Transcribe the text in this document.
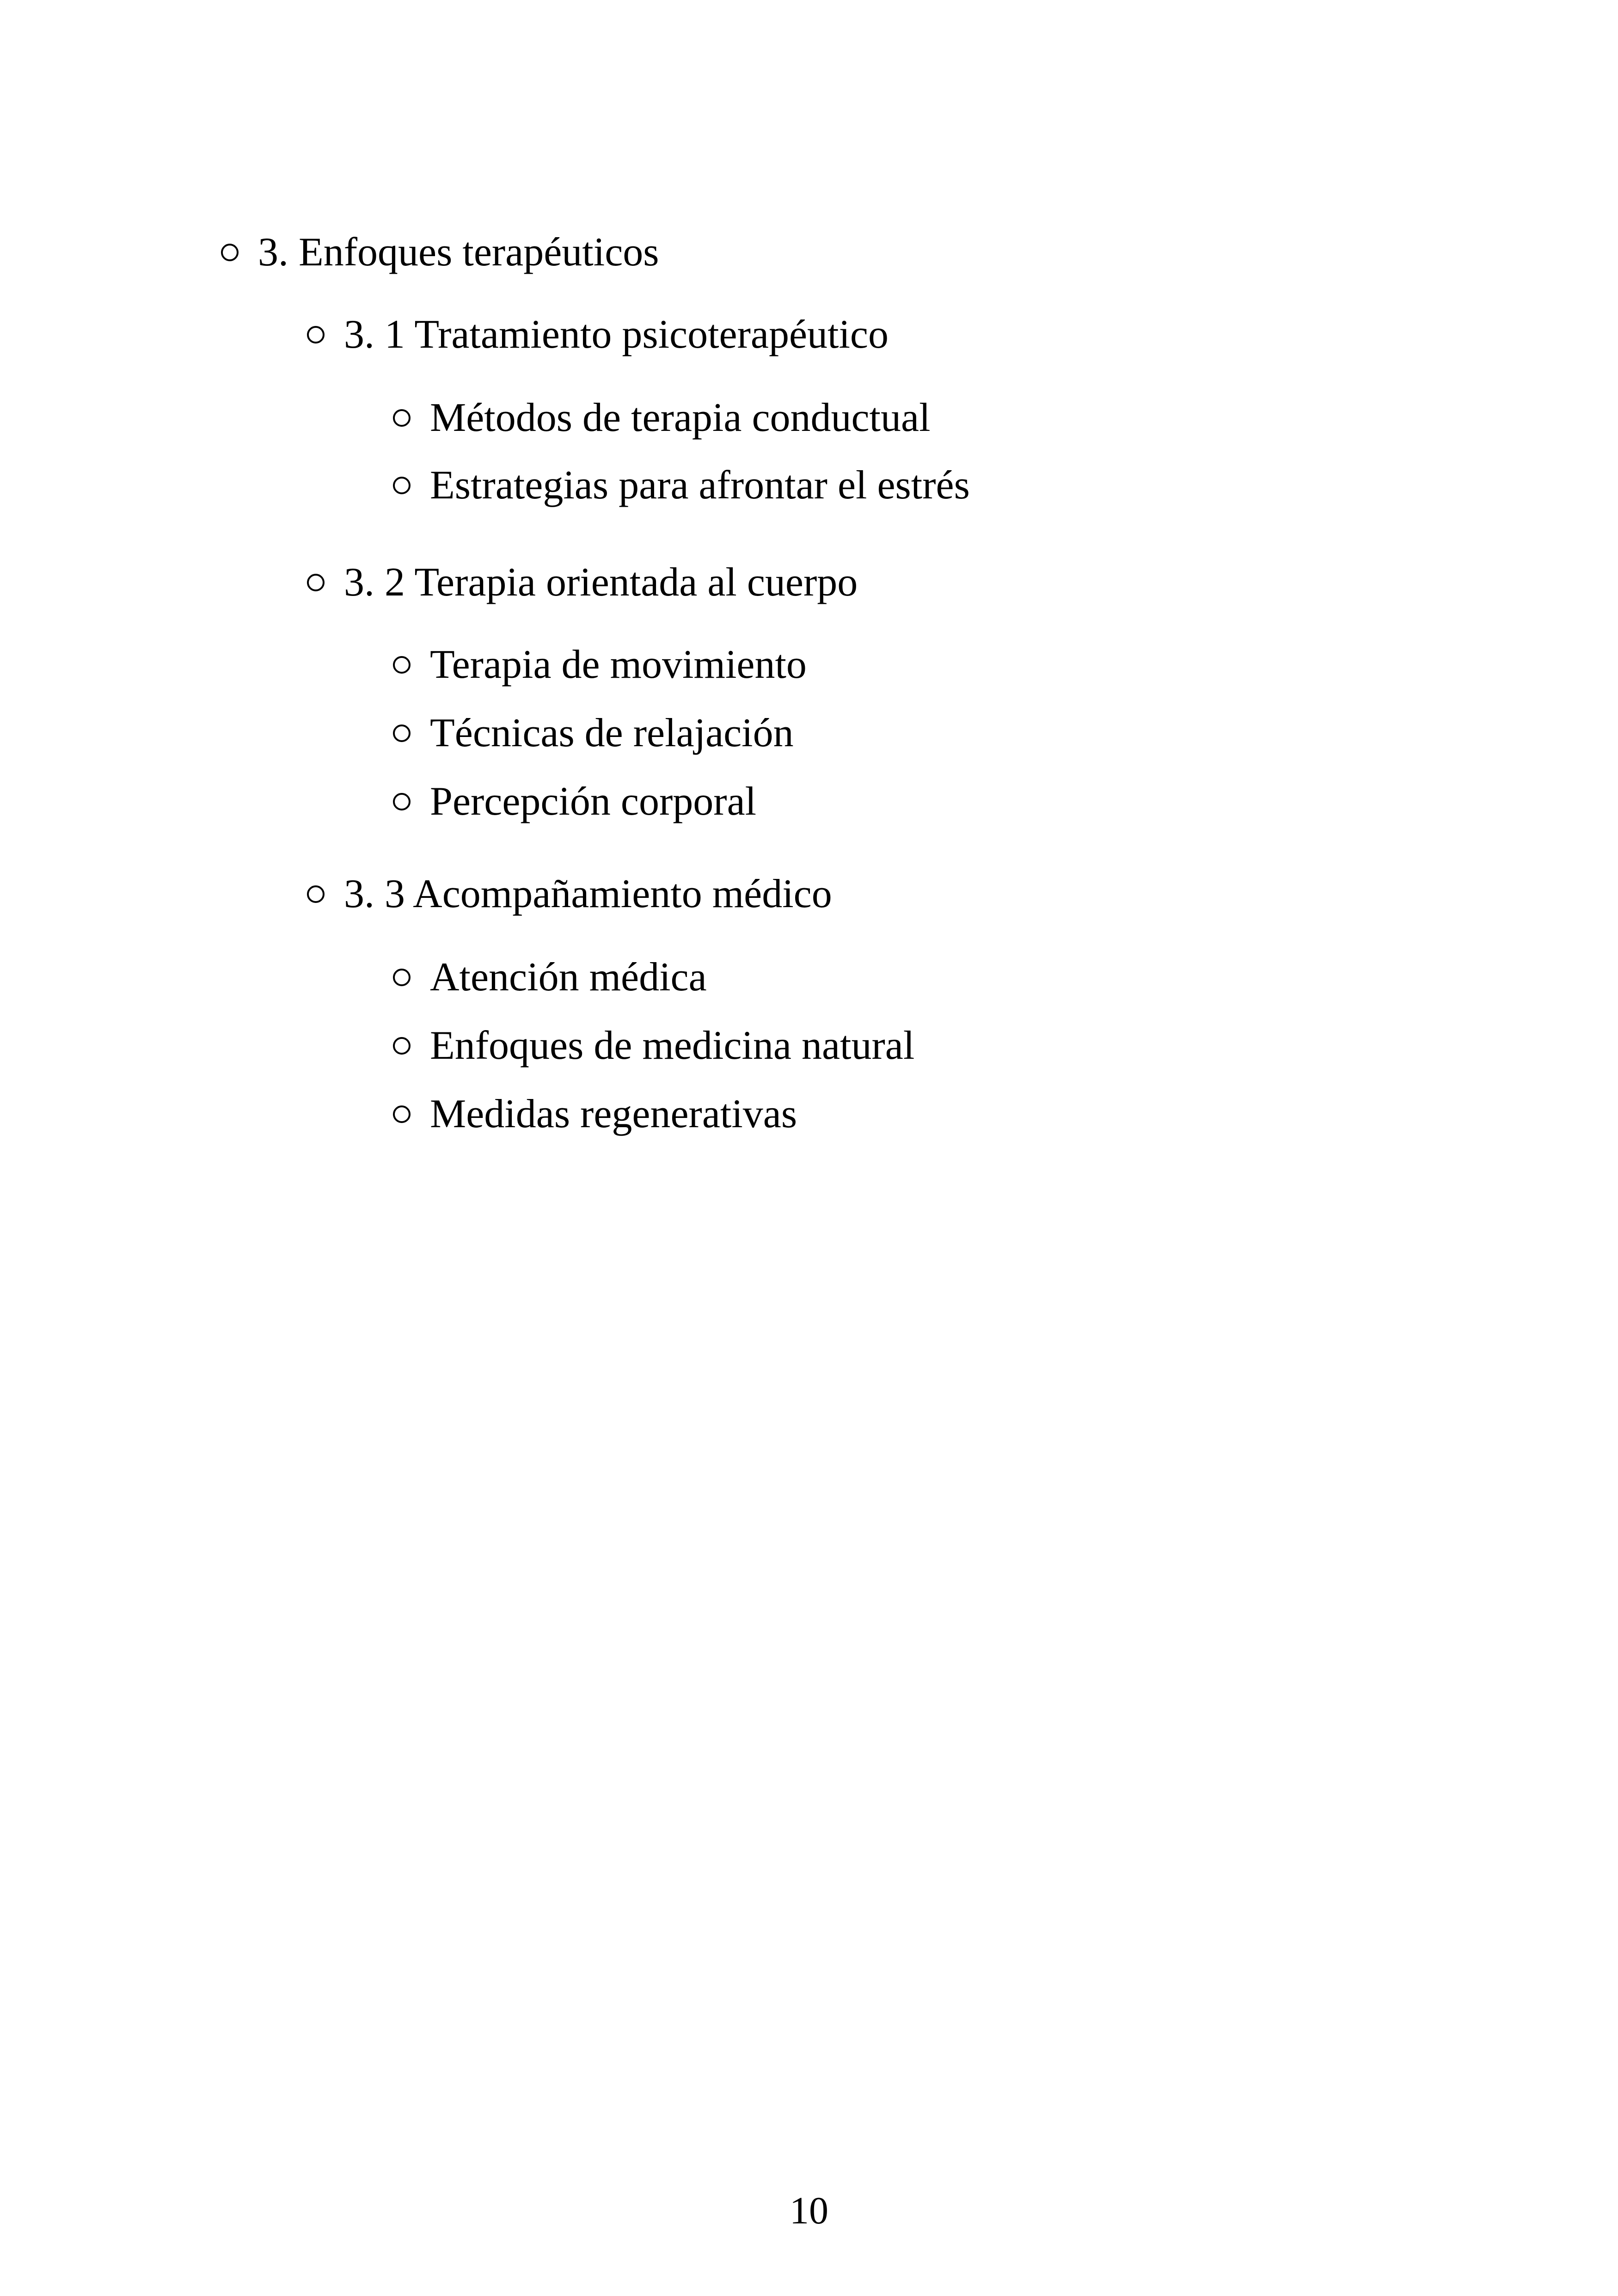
3. Enfoques terapéuticos
3. 1 Tratamiento psicoterapéutico
Métodos de terapia conductual
Estrategias para afrontar el estrés
3. 2 Terapia orientada al cuerpo
Terapia de movimiento
Técnicas de relajación
Percepción corporal
3. 3 Acompañamiento médico
Atención médica
Enfoques de medicina natural
Medidas regenerativas
10
